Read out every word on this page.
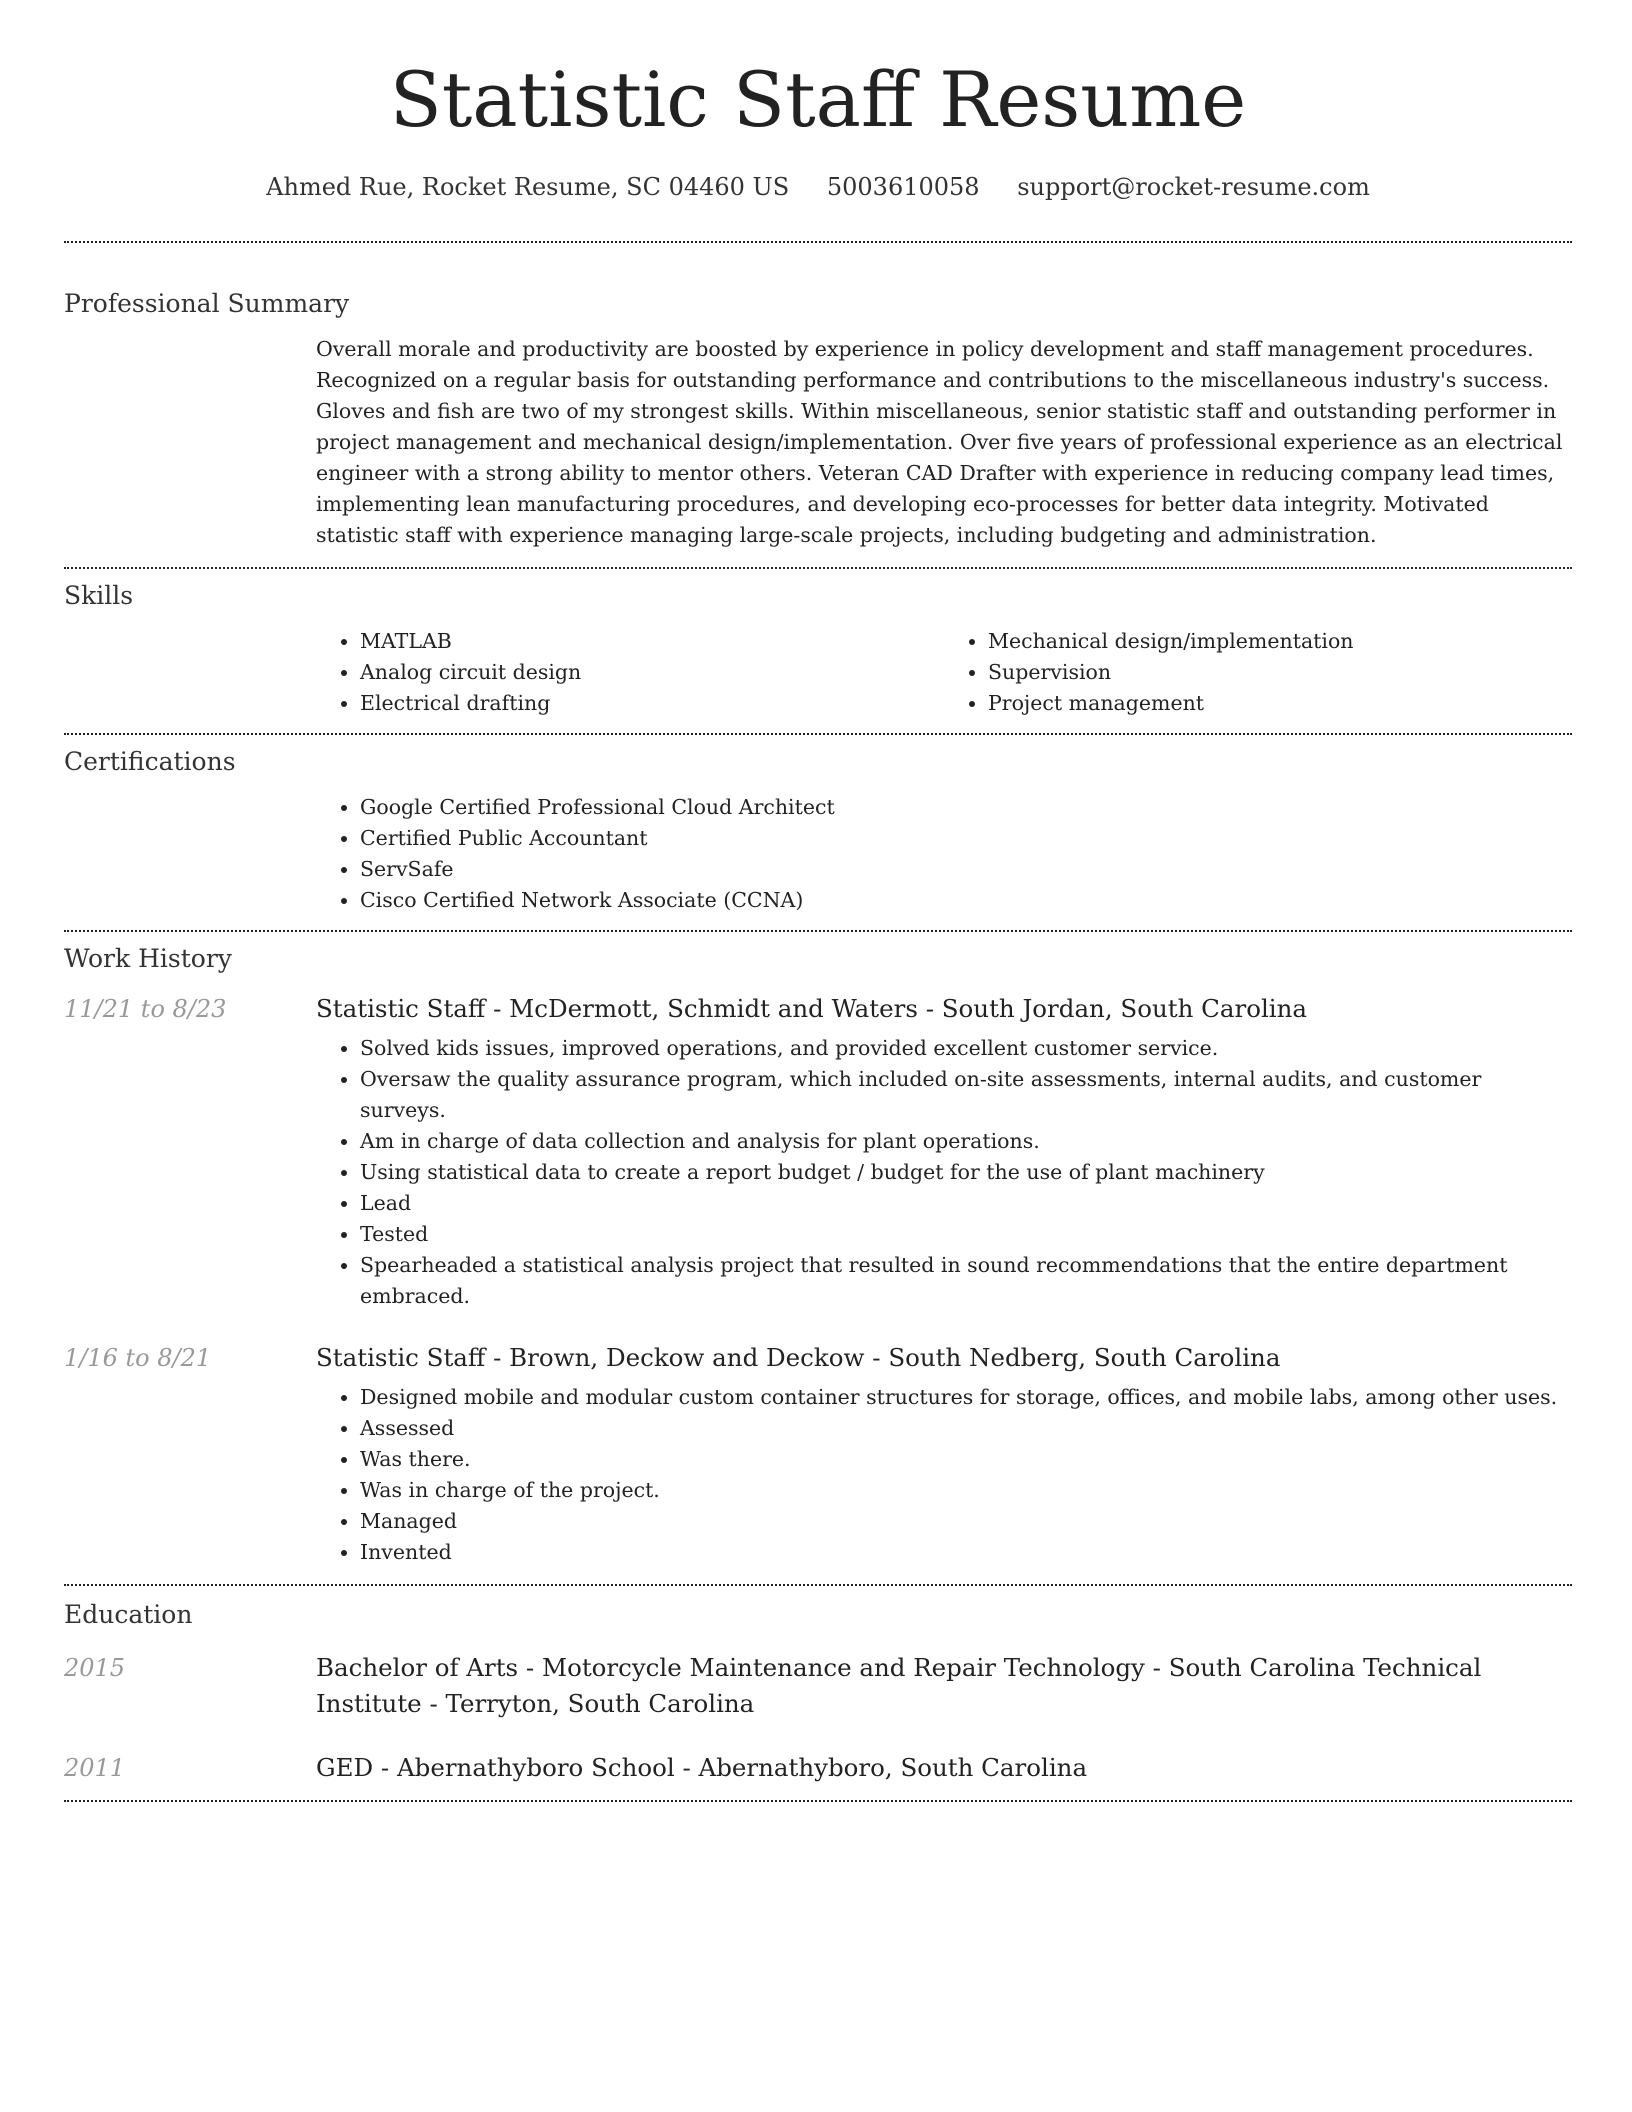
Statistic Staff Resume
Ahmed Rue, Rocket Resume, SC 04460 US 5003610058 support@rocket-resume.com
Professional Summary

Overall morale and productivity are boosted by experience in policy development and staff management procedures. Recognized on a regular basis for outstanding performance and contributions to the miscellaneous industry's success. Gloves and fish are two of my strongest skills. Within miscellaneous, senior statistic staff and outstanding performer in project management and mechanical design/implementation. Over five years of professional experience as an electrical engineer with a strong ability to mentor others. Veteran CAD Drafter with experience in reducing company lead times, implementing lean manufacturing procedures, and developing eco-processes for better data integrity. Motivated statistic staff with experience managing large-scale projects, including budgeting and administration.

Skills
• MATLAB
• Analog circuit design
• Electrical drafting
• Mechanical design/implementation
• Supervision
• Project management
Certifications
• Google Certified Professional Cloud Architect
• Certified Public Accountant
• ServSafe
• Cisco Certified Network Associate (CCNA)
Work History
11/21 to 8/23	Statistic Staff - McDermott, Schmidt and Waters - South Jordan, South Carolina
• Solved kids issues, improved operations, and provided excellent customer service.
• Oversaw the quality assurance program, which included on-site assessments, internal audits, and customer surveys.
• Am in charge of data collection and analysis for plant operations.
• Using statistical data to create a report budget / budget for the use of plant machinery
• Lead
• Tested
• Spearheaded a statistical analysis project that resulted in sound recommendations that the entire department embraced.
1/16 to 8/21	Statistic Staff - Brown, Deckow and Deckow - South Nedberg, South Carolina
• Designed mobile and modular custom container structures for storage, offices, and mobile labs, among other uses.
• Assessed
• Was there.
• Was in charge of the project.
• Managed
• Invented
Education
2015	Bachelor of Arts - Motorcycle Maintenance and Repair Technology - South Carolina Technical Institute - Terryton, South Carolina
2011	GED - Abernathyboro School - Abernathyboro, South Carolina
